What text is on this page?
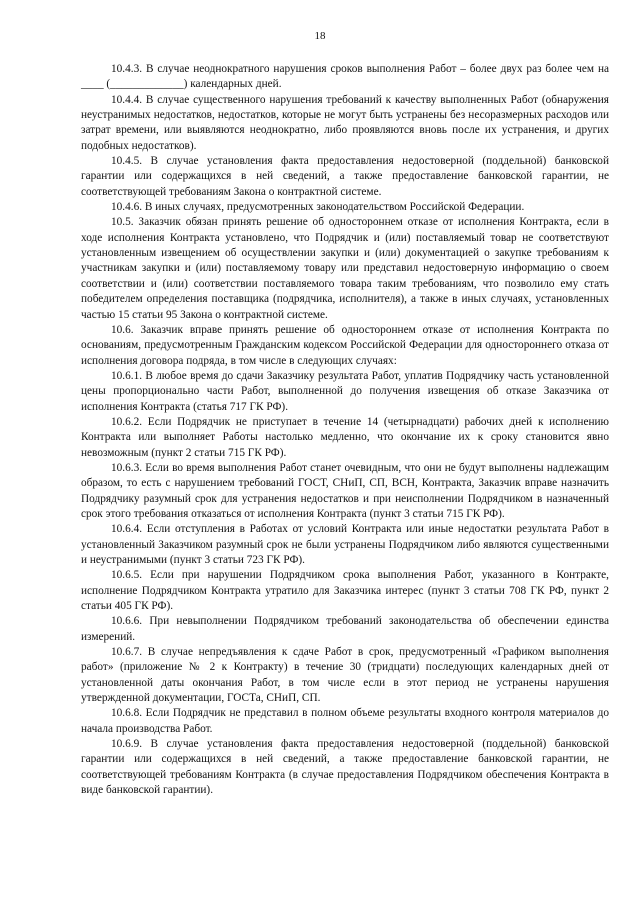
18

10.4.3. В случае неоднократного нарушения сроков выполнения Работ – более двух раз более чем на ____ (_____________) календарных дней.

10.4.4. В случае существенного нарушения требований к качеству выполненных Работ (обнаружения неустранимых недостатков, недостатков, которые не могут быть устранены без несоразмерных расходов или затрат времени, или выявляются неоднократно, либо проявляются вновь после их устранения, и других подобных недостатков).

10.4.5. В случае установления факта предоставления недостоверной (поддельной) банковской гарантии или содержащихся в ней сведений, а также предоставление банковской гарантии, не соответствующей требованиям Закона о контрактной системе.

10.4.6. В иных случаях, предусмотренных законодательством Российской Федерации.

10.5. Заказчик обязан принять решение об одностороннем отказе от исполнения Контракта, если в ходе исполнения Контракта установлено, что Подрядчик и (или) поставляемый товар не соответствуют установленным извещением об осуществлении закупки и (или) документацией о закупке требованиям к участникам закупки и (или) поставляемому товару или представил недостоверную информацию о своем соответствии и (или) соответствии поставляемого товара таким требованиям, что позволило ему стать победителем определения поставщика (подрядчика, исполнителя), а также в иных случаях, установленных частью 15 статьи 95 Закона о контрактной системе.

10.6. Заказчик вправе принять решение об одностороннем отказе от исполнения Контракта по основаниям, предусмотренным Гражданским кодексом Российской Федерации для одностороннего отказа от исполнения договора подряда, в том числе в следующих случаях:

10.6.1. В любое время до сдачи Заказчику результата Работ, уплатив Подрядчику часть установленной цены пропорционально части Работ, выполненной до получения извещения об отказе Заказчика от исполнения Контракта (статья 717 ГК РФ).

10.6.2. Если Подрядчик не приступает в течение 14 (четырнадцати) рабочих дней к исполнению Контракта или выполняет Работы настолько медленно, что окончание их к сроку становится явно невозможным (пункт 2 статьи 715 ГК РФ).

10.6.3. Если во время выполнения Работ станет очевидным, что они не будут выполнены надлежащим образом, то есть с нарушением требований ГОСТ, СНиП, СП, ВСН, Контракта, Заказчик вправе назначить Подрядчику разумный срок для устранения недостатков и при неисполнении Подрядчиком в назначенный срок этого требования отказаться от исполнения Контракта (пункт 3 статьи 715 ГК РФ).

10.6.4. Если отступления в Работах от условий Контракта или иные недостатки результата Работ в установленный Заказчиком разумный срок не были устранены Подрядчиком либо являются существенными и неустранимыми (пункт 3 статьи 723 ГК РФ).

10.6.5. Если при нарушении Подрядчиком срока выполнения Работ, указанного в Контракте, исполнение Подрядчиком Контракта утратило для Заказчика интерес (пункт 3 статьи 708 ГК РФ, пункт 2 статьи 405 ГК РФ).

10.6.6. При невыполнении Подрядчиком требований законодательства об обеспечении единства измерений.

10.6.7. В случае непредъявления к сдаче Работ в срок, предусмотренный «Графиком выполнения работ» (приложение № 2 к Контракту) в течение 30 (тридцати) последующих календарных дней от установленной даты окончания Работ, в том числе если в этот период не устранены нарушения утвержденной документации, ГОСТа, СНиП, СП.

10.6.8. Если Подрядчик не представил в полном объеме результаты входного контроля материалов до начала производства Работ.

10.6.9. В случае установления факта предоставления недостоверной (поддельной) банковской гарантии или содержащихся в ней сведений, а также предоставление банковской гарантии, не соответствующей требованиям Контракта (в случае предоставления Подрядчиком обеспечения Контракта в виде банковской гарантии).
